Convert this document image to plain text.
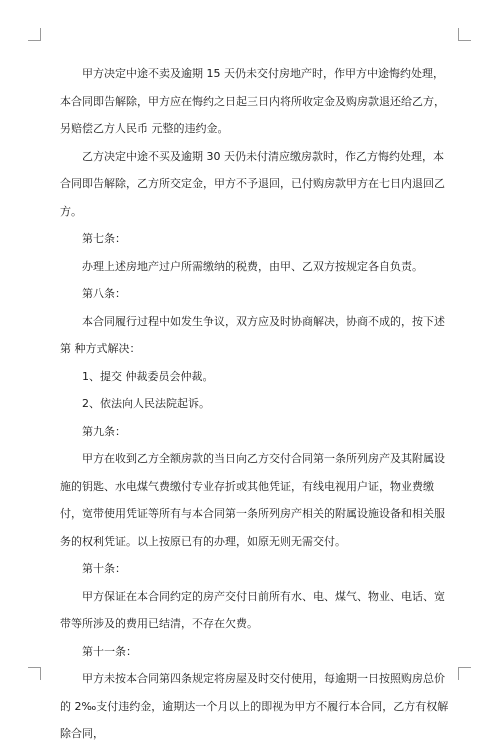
甲方决定中途不卖及逾期 15 天仍未交付房地产时，作甲方中途悔约处理，本合同即告解除，甲方应在悔约之日起三日内将所收定金及购房款退还给乙方，另赔偿乙方人民币 元整的违约金。

乙方决定中途不买及逾期 30 天仍未付清应缴房款时，作乙方悔约处理，本合同即告解除，乙方所交定金，甲方不予退回，已付购房款甲方在七日内退回乙方。

第七条：

办理上述房地产过户所需缴纳的税费，由甲、乙双方按规定各自负责。

第八条：

本合同履行过程中如发生争议，双方应及时协商解决，协商不成的，按下述第 种方式解决：

1、提交 仲裁委员会仲裁。

2、依法向人民法院起诉。

第九条：

甲方在收到乙方全额房款的当日向乙方交付合同第一条所列房产及其附属设施的钥匙、水电煤气费缴付专业存折或其他凭证，有线电视用户证，物业费缴付，宽带使用凭证等所有与本合同第一条所列房产相关的附属设施设备和相关服务的权利凭证。以上按原已有的办理，如原无则无需交付。

第十条：

甲方保证在本合同约定的房产交付日前所有水、电、煤气、物业、电话、宽带等所涉及的费用已结清，不存在欠费。

第十一条：

甲方未按本合同第四条规定将房屋及时交付使用，每逾期一日按照购房总价的 2‰支付违约金，逾期达一个月以上的即视为甲方不履行本合同，乙方有权解除合同，
